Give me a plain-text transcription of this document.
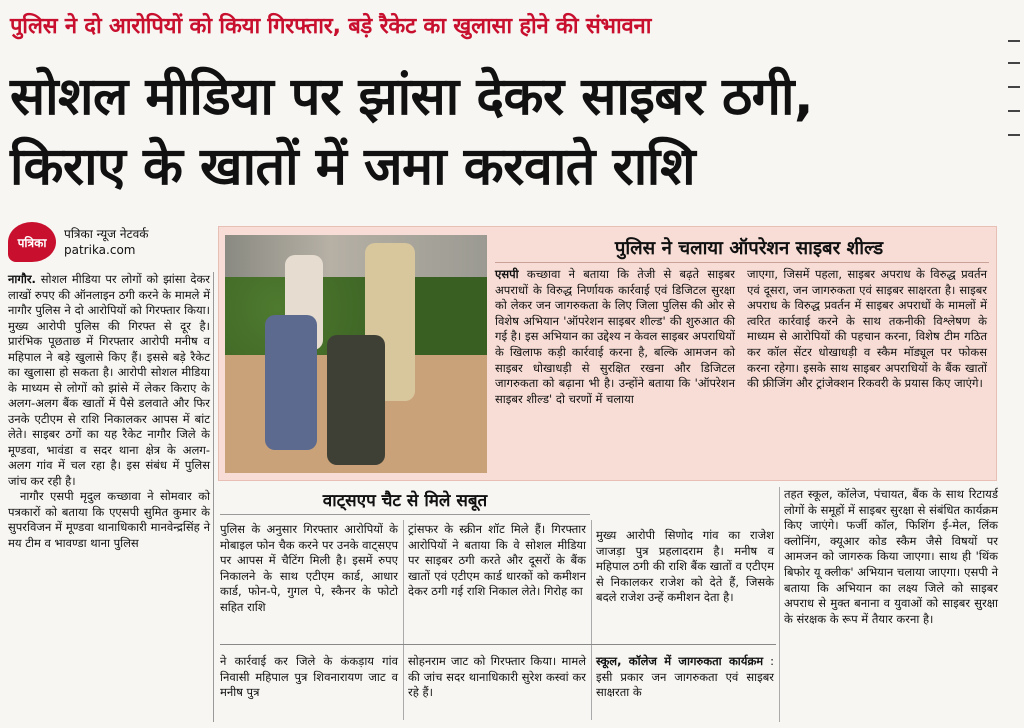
पुलिस ने दो आरोपियों को किया गिरफ्तार, बड़े रैकेट का खुलासा होने की संभावना
सोशल मीडिया पर झांसा देकर साइबर ठगी,
किराए के खातों में जमा करवाते राशि
पत्रिका
पत्रिका न्यूज नेटवर्क
patrika.com

नागौर. सोशल मीडिया पर लोगों को झांसा देकर लाखों रुपए की ऑनलाइन ठगी करने के मामले में नागौर पुलिस ने दो आरोपियों को गिरफ्तार किया। मुख्य आरोपी पुलिस की गिरफ्त से दूर है। प्रारंभिक पूछताछ में गिरफ्तार आरोपी मनीष व महिपाल ने बड़े खुलासे किए हैं। इससे बड़े रैकेट का खुलासा हो सकता है। आरोपी सोशल मीडिया के माध्यम से लोगों को झांसे में लेकर किराए के अलग-अलग बैंक खातों में पैसे डलवाते और फिर उनके एटीएम से राशि निकालकर आपस में बांट लेते। साइबर ठगों का यह रैकेट नागौर जिले के मूण्डवा, भावंडा व सदर थाना क्षेत्र के अलग-अलग गांव में चल रहा है। इस संबंध में पुलिस जांच कर रही है।

नागौर एसपी मृदुल कच्छावा ने सोमवार को पत्रकारों को बताया कि एएसपी सुमित कुमार के सुपरविजन में मूण्डवा थानाधिकारी मानवेन्द्रसिंह ने मय टीम व भावण्डा थाना पुलिस

पुलिस ने चलाया ऑपरेशन साइबर शील्ड
एसपी कच्छावा ने बताया कि तेजी से बढ़ते साइबर अपराधों के विरुद्ध निर्णायक कार्रवाई एवं डिजिटल सुरक्षा को लेकर जन जागरुकता के लिए जिला पुलिस की ओर से विशेष अभियान 'ऑपरेशन साइबर शील्ड' की शुरुआत की गई है। इस अभियान का उद्देश्य न केवल साइबर अपराधियों के खिलाफ कड़ी कार्रवाई करना है, बल्कि आमजन को साइबर धोखाधड़ी से सुरक्षित रखना और डिजिटल जागरुकता को बढ़ाना भी है। उन्होंने बताया कि 'ऑपरेशन साइबर शील्ड' दो चरणों में चलाया
जाएगा, जिसमें पहला, साइबर अपराध के विरुद्ध प्रवर्तन एवं दूसरा, जन जागरुकता एवं साइबर साक्षरता है। साइबर अपराध के विरुद्ध प्रवर्तन में साइबर अपराधों के मामलों में त्वरित कार्रवाई करने के साथ तकनीकी विश्लेषण के माध्यम से आरोपियों की पहचान करना, विशेष टीम गठित कर कॉल सेंटर धोखाधड़ी व स्कैम मॉड्यूल पर फोकस करना रहेगा। इसके साथ साइबर अपराधियों के बैंक खातों की फ्रीजिंग और ट्रांजेक्शन रिकवरी के प्रयास किए जाएंगे।
वाट्सएप चैट से मिले सबूत
पुलिस के अनुसार गिरफ्तार आरोपियों के मोबाइल फोन चैक करने पर उनके वाट्सएप पर आपस में चैटिंग मिली है। इसमें रुपए निकालने के साथ एटीएम कार्ड, आधार कार्ड, फोन-पे, गुगल पे, स्कैनर के फोटो सहित राशि
ट्रांसफर के स्क्रीन शॉट मिले हैं। गिरफ्तार आरोपियों ने बताया कि वे सोशल मीडिया पर साइबर ठगी करते और दूसरों के बैंक खातों एवं एटीएम कार्ड धारकों को कमीशन देकर ठगी गई राशि निकाल लेते। गिरोह का
मुख्य आरोपी सिणोद गांव का राजेश जाजड़ा पुत्र प्रहलादराम है। मनीष व महिपाल ठगी की राशि बैंक खातों व एटीएम से निकालकर राजेश को देते हैं, जिसके बदले राजेश उन्हें कमीशन देता है।
तहत स्कूल, कॉलेज, पंचायत, बैंक के साथ रिटायर्ड लोगों के समूहों में साइबर सुरक्षा से संबंधित कार्यक्रम किए जाएंगे। फर्जी कॉल, फिशिंग ई-मेल, लिंक क्लोनिंग, क्यूआर कोड स्कैम जैसे विषयों पर आमजन को जागरुक किया जाएगा। साथ ही 'थिंक बिफोर यू क्लीक' अभियान चलाया जाएगा। एसपी ने बताया कि अभियान का लक्ष्य जिले को साइबर अपराध से मुक्त बनाना व युवाओं को साइबर सुरक्षा के संरक्षक के रूप में तैयार करना है।
ने कार्रवाई कर जिले के कंकड़ाय गांव निवासी महिपाल पुत्र शिवनारायण जाट व मनीष पुत्र
सोहनराम जाट को गिरफ्तार किया। मामले की जांच सदर थानाधिकारी सुरेश कस्वां कर रहे हैं।
स्कूल, कॉलेज में जागरुकता कार्यक्रम : इसी प्रकार जन जागरुकता एवं साइबर साक्षरता के
